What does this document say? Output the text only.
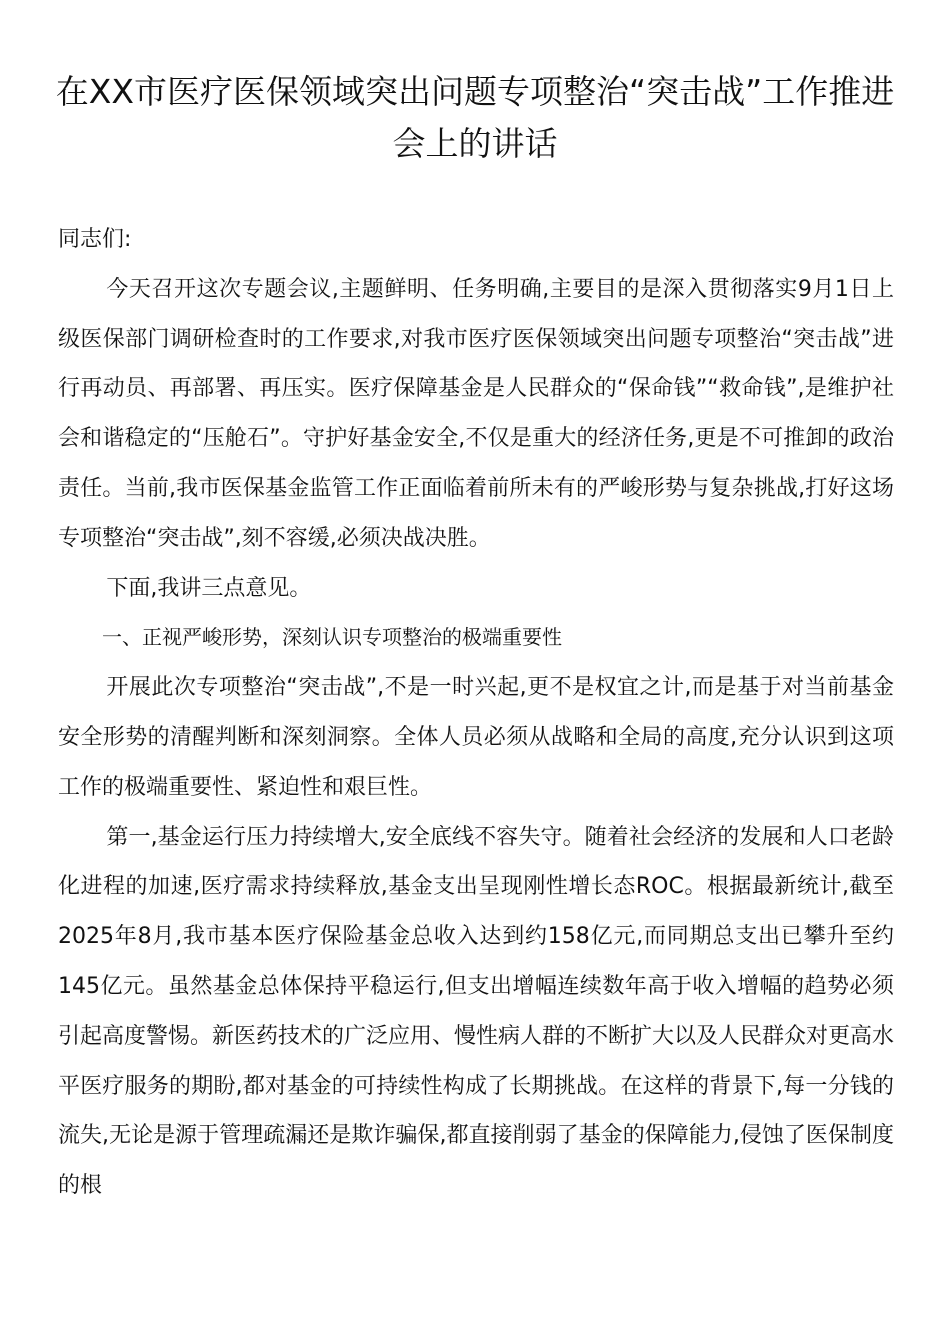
在XX市医疗医保领域突出问题专项整治“突击战”工作推进会上的讲话

同志们:

今天召开这次专题会议,主题鲜明、任务明确,主要目的是深入贯彻落实9月1日上级医保部门调研检查时的工作要求,对我市医疗医保领域突出问题专项整治“突击战”进行再动员、再部署、再压实。医疗保障基金是人民群众的“保命钱”“救命钱”,是维护社会和谐稳定的“压舱石”。守护好基金安全,不仅是重大的经济任务,更是不可推卸的政治责任。当前,我市医保基金监管工作正面临着前所未有的严峻形势与复杂挑战,打好这场专项整治“突击战”,刻不容缓,必须决战决胜。

下面,我讲三点意见。

一、正视严峻形势，深刻认识专项整治的极端重要性

开展此次专项整治“突击战”,不是一时兴起,更不是权宜之计,而是基于对当前基金安全形势的清醒判断和深刻洞察。全体人员必须从战略和全局的高度,充分认识到这项工作的极端重要性、紧迫性和艰巨性。

第一,基金运行压力持续增大,安全底线不容失守。随着社会经济的发展和人口老龄化进程的加速,医疗需求持续释放,基金支出呈现刚性增长态ROC。根据最新统计,截至2025年8月,我市基本医疗保险基金总收入达到约158亿元,而同期总支出已攀升至约145亿元。虽然基金总体保持平稳运行,但支出增幅连续数年高于收入增幅的趋势必须引起高度警惕。新医药技术的广泛应用、慢性病人群的不断扩大以及人民群众对更高水平医疗服务的期盼,都对基金的可持续性构成了长期挑战。在这样的背景下,每一分钱的流失,无论是源于管理疏漏还是欺诈骗保,都直接削弱了基金的保障能力,侵蚀了医保制度的根
